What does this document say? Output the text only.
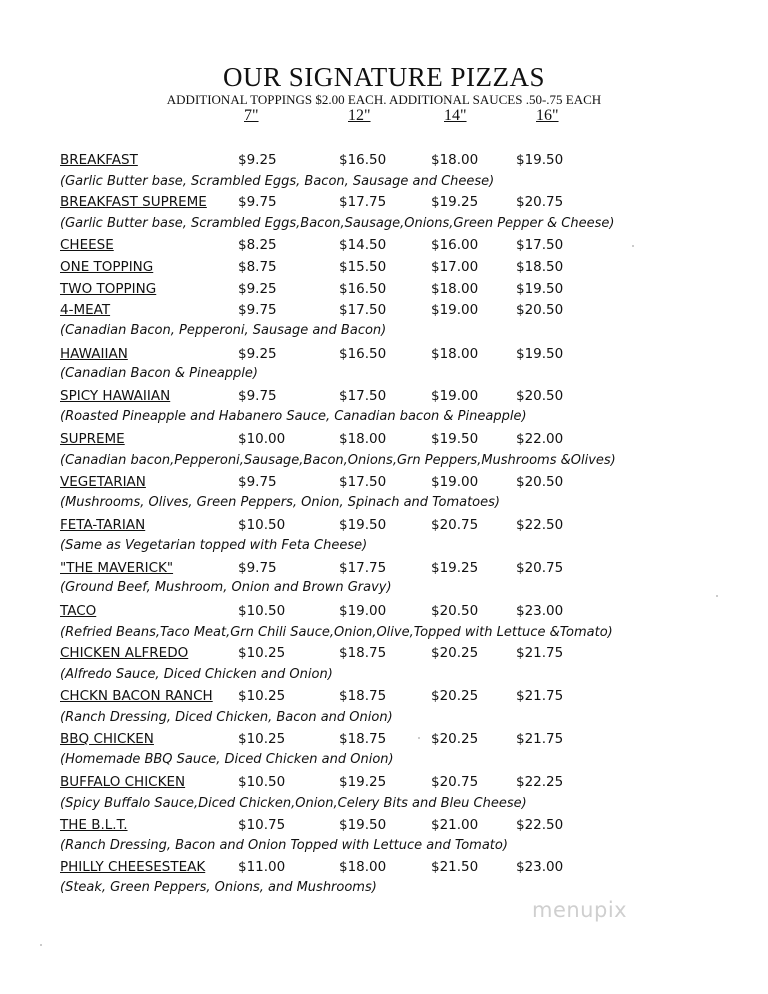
OUR SIGNATURE PIZZAS
ADDITIONAL TOPPINGS $2.00 EACH. ADDITIONAL SAUCES .50-.75 EACH
7"	12"	14"	16"
BREAKFAST	$9.25	$16.50	$18.00	$19.50
(Garlic Butter base, Scrambled Eggs, Bacon, Sausage and Cheese)
BREAKFAST SUPREME $9.75	$17.75	$19.25	$20.75
(Garlic Butter base, Scrambled Eggs,Bacon,Sausage,Onions,Green Pepper & Cheese)
CHEESE	$8.25	$14.50	$16.00	$17.50
ONE TOPPING	$8.75	$15.50	$17.00	$18.50
TWO TOPPING	$9.25	$16.50	$18.00	$19.50
4-MEAT	$9.75	$17.50	$19.00	$20.50
(Canadian Bacon, Pepperoni, Sausage and Bacon)
HAWAIIAN	$9.25	$16.50	$18.00	$19.50
(Canadian Bacon & Pineapple)
SPICY HAWAIIAN	$9.75	$17.50	$19.00	$20.50
(Roasted Pineapple and Habanero Sauce, Canadian bacon & Pineapple)
SUPREME	$10.00	$18.00	$19.50	$22.00
(Canadian bacon,Pepperoni,Sausage,Bacon,Onions,Grn Peppers,Mushrooms &Olives)
VEGETARIAN	$9.75	$17.50	$19.00	$20.50
(Mushrooms, Olives, Green Peppers, Onion, Spinach and Tomatoes)
FETA-TARIAN	$10.50	$19.50	$20.75	$22.50
(Same as Vegetarian topped with Feta Cheese)
"THE MAVERICK"	$9.75	$17.75	$19.25	$20.75
(Ground Beef, Mushroom, Onion and Brown Gravy)
TACO	$10.50	$19.00	$20.50	$23.00
(Refried Beans,Taco Meat,Grn Chili Sauce,Onion,Olive,Topped with Lettuce &Tomato)
CHICKEN ALFREDO	$10.25	$18.75	$20.25	$21.75
(Alfredo Sauce, Diced Chicken and Onion)
CHCKN BACON RANCH $10.25	$18.75	$20.25	$21.75
(Ranch Dressing, Diced Chicken, Bacon and Onion)
BBQ CHICKEN	$10.25	$18.75	$20.25	$21.75
(Homemade BBQ Sauce, Diced Chicken and Onion)
BUFFALO CHICKEN	$10.50	$19.25	$20.75	$22.25
(Spicy Buffalo Sauce,Diced Chicken,Onion,Celery Bits and Bleu Cheese)
THE B.L.T.	$10.75	$19.50	$21.00	$22.50
(Ranch Dressing, Bacon and Onion Topped with Lettuce and Tomato)
PHILLY CHEESESTEAK $11.00	$18.00	$21.50	$23.00
(Steak, Green Peppers, Onions, and Mushrooms)
menupix
